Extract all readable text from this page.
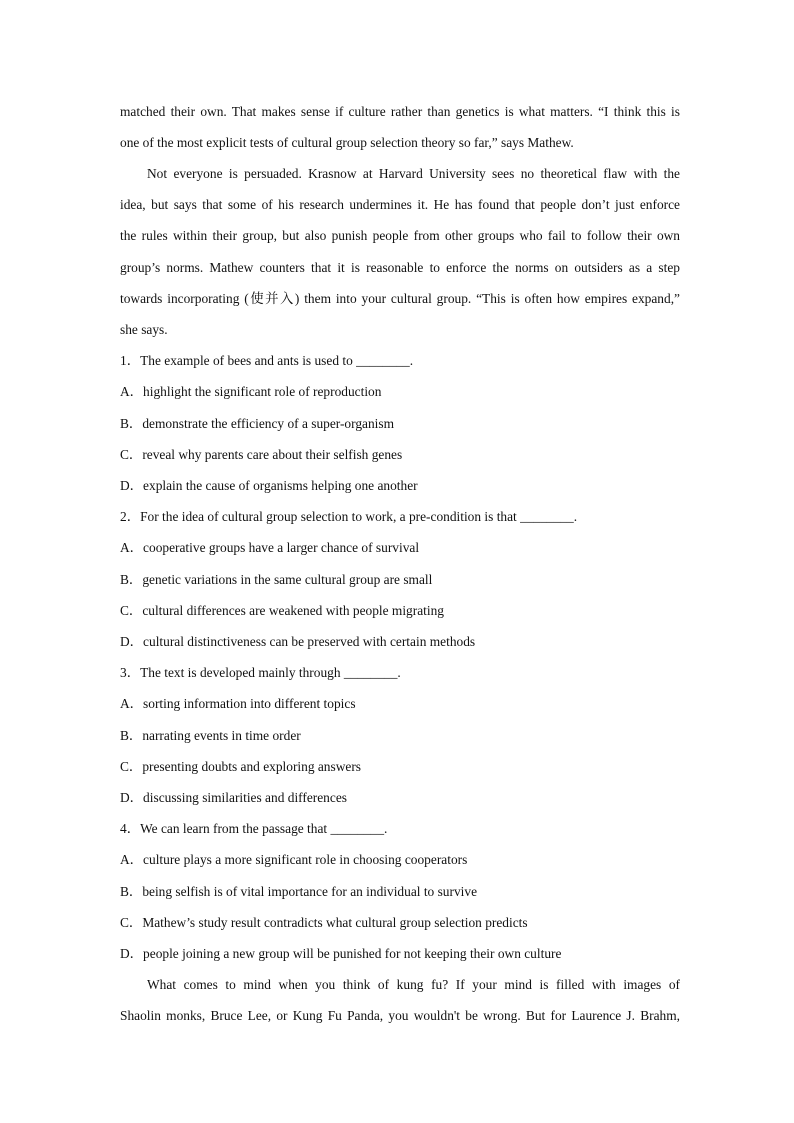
matched their own. That makes sense if culture rather than genetics is what matters. “I think this is
one of the most explicit tests of cultural group selection theory so far,” says Mathew.
Not everyone is persuaded. Krasnow at Harvard University sees no theoretical flaw with the
idea, but says that some of his research undermines it. He has found that people don’t just enforce
the rules within their group, but also punish people from other groups who fail to follow their own
group’s norms. Mathew counters that it is reasonable to enforce the norms on outsiders as a step
towards incorporating (使并入) them into your cultural group. “This is often how empires expand,”
she says.
1．The example of bees and ants is used to ________.
A．highlight the significant role of reproduction
B．demonstrate the efficiency of a super-organism
C．reveal why parents care about their selfish genes
D．explain the cause of organisms helping one another
2．For the idea of cultural group selection to work, a pre-condition is that ________.
A．cooperative groups have a larger chance of survival
B．genetic variations in the same cultural group are small
C．cultural differences are weakened with people migrating
D．cultural distinctiveness can be preserved with certain methods
3．The text is developed mainly through ________.
A．sorting information into different topics
B．narrating events in time order
C．presenting doubts and exploring answers
D．discussing similarities and differences
4．We can learn from the passage that ________.
A．culture plays a more significant role in choosing cooperators
B．being selfish is of vital importance for an individual to survive
C．Mathew’s study result contradicts what cultural group selection predicts
D．people joining a new group will be punished for not keeping their own culture
What comes to mind when you think of kung fu? If your mind is filled with images of
Shaolin monks, Bruce Lee, or Kung Fu Panda, you wouldn't be wrong. But for Laurence J. Brahm,
